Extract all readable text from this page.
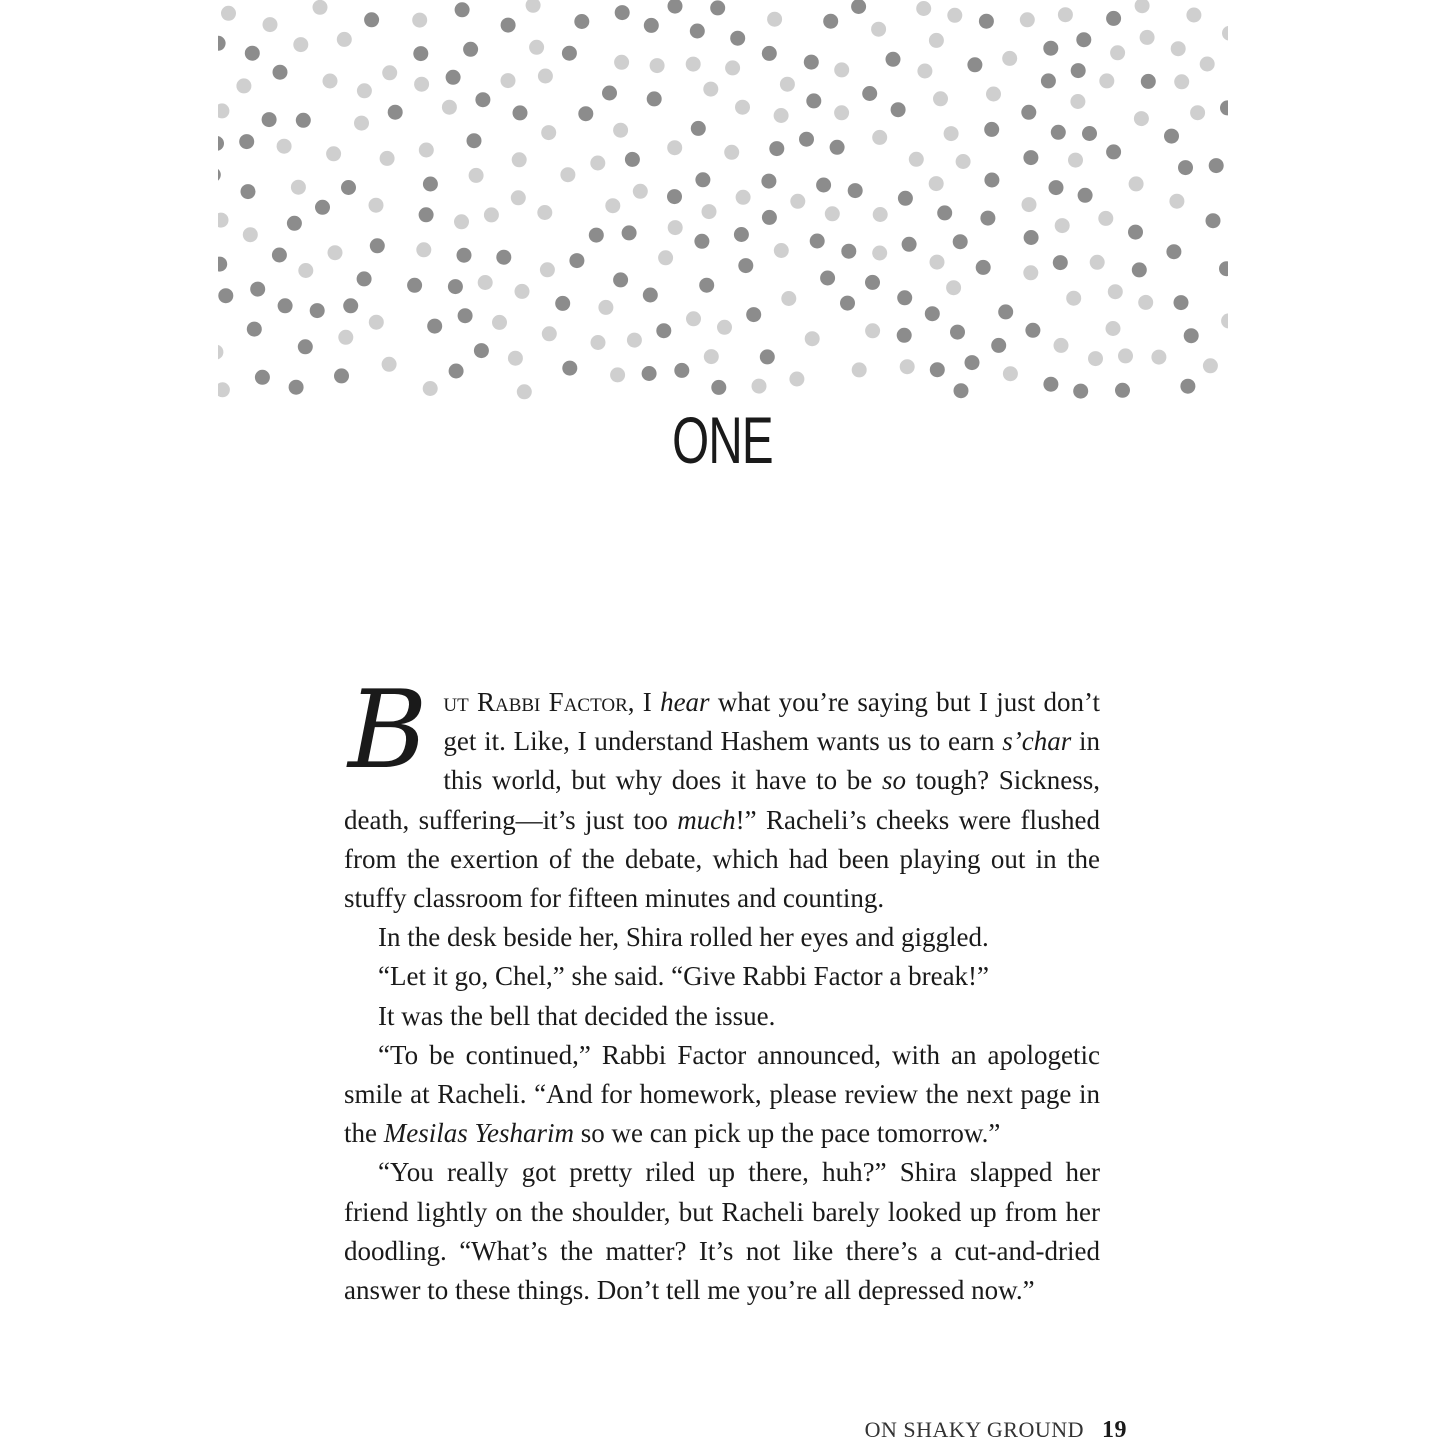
ONE

But Rabbi Factor, I hear what you’re saying but I just don’t get it. Like, I understand Hashem wants us to earn s’char in this world, but why does it have to be so tough? Sickness, death, suffering—it’s just too much!” Racheli’s cheeks were flushed from the exertion of the debate, which had been playing out in the stuffy classroom for fifteen minutes and counting.

In the desk beside her, Shira rolled her eyes and giggled.

“Let it go, Chel,” she said. “Give Rabbi Factor a break!”

It was the bell that decided the issue.

“To be continued,” Rabbi Factor announced, with an apologetic smile at Racheli. “And for homework, please review the next page in the Mesilas Yesharim so we can pick up the pace tomorrow.”

“You really got pretty riled up there, huh?” Shira slapped her friend lightly on the shoulder, but Racheli barely looked up from her doodling. “What’s the matter? It’s not like there’s a cut-and-dried answer to these things. Don’t tell me you’re all depressed now.”

ON SHAKY GROUND 19
